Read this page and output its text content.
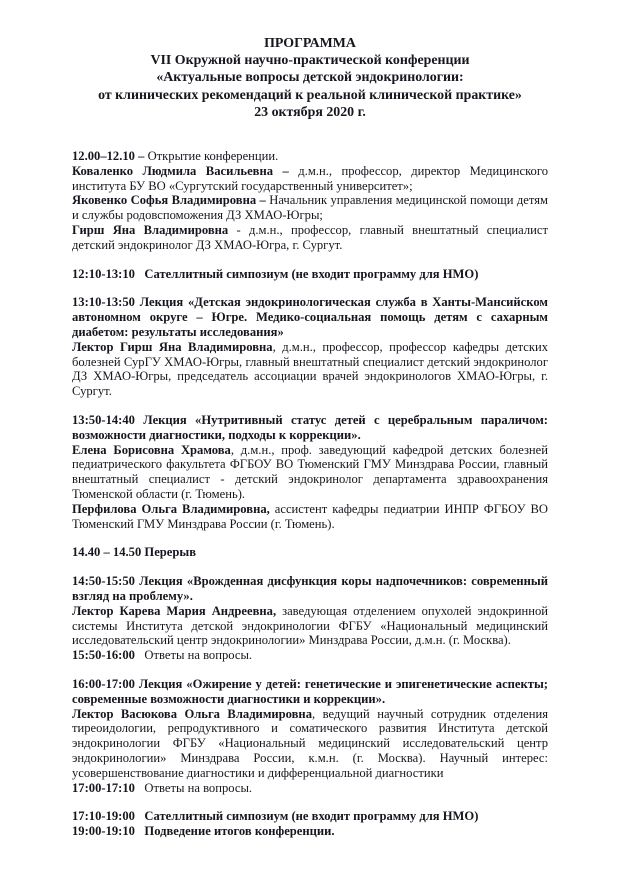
ПРОГРАММА
VII Окружной научно-практической конференции
«Актуальные вопросы детской эндокринологии:
от клинических рекомендаций к реальной клинической практике»
23 октября 2020 г.

12.00–12.10 – Открытие конференции.

Коваленко Людмила Васильевна – д.м.н., профессор, директор Медицинского института БУ ВО «Сургутский государственный университет»;

Яковенко Софья Владимировна – Начальник управления медицинской помощи детям и службы родовспоможения ДЗ ХМАО-Югры;

Гирш Яна Владимировна - д.м.н., профессор, главный внештатный специалист детский эндокринолог ДЗ ХМАО-Югра, г. Сургут.

12:10-13:10   Сателлитный симпозиум (не входит программу для НМО)

13:10-13:50 Лекция «Детская эндокринологическая служба в Ханты-Мансийском автономном округе – Югре. Медико-социальная помощь детям с сахарным диабетом: результаты исследования»

Лектор Гирш Яна Владимировна, д.м.н., профессор, профессор кафедры детских болезней СурГУ ХМАО-Югры, главный внештатный специалист детский эндокринолог ДЗ ХМАО-Югры, председатель ассоциации врачей эндокринологов ХМАО-Югры, г. Сургут.

13:50-14:40 Лекция «Нутритивный статус детей с церебральным параличом: возможности диагностики, подходы к коррекции».

Елена Борисовна Храмова, д.м.н., проф. заведующий кафедрой детских болезней педиатрического факультета ФГБОУ ВО Тюменский ГМУ Минздрава России, главный внештатный специалист - детский эндокринолог департамента здравоохранения Тюменской области (г. Тюмень).

Перфилова Ольга Владимировна, ассистент кафедры педиатрии ИНПР ФГБОУ ВО Тюменский ГМУ Минздрава России (г. Тюмень).

14.40 – 14.50 Перерыв

14:50-15:50 Лекция «Врожденная дисфункция коры надпочечников: современный взгляд на проблему».

Лектор Карева Мария Андреевна, заведующая отделением опухолей эндокринной системы Института детской эндокринологии ФГБУ «Национальный медицинский исследовательский центр эндокринологии» Минздрава России, д.м.н. (г. Москва).

15:50-16:00   Ответы на вопросы.

16:00-17:00 Лекция «Ожирение у детей: генетические и эпигенетические аспекты; современные возможности диагностики и коррекции».

Лектор Васюкова Ольга Владимировна, ведущий научный сотрудник отделения тиреоидологии, репродуктивного и соматического развития Института детской эндокринологии ФГБУ «Национальный медицинский исследовательский центр эндокринологии» Минздрава России, к.м.н. (г. Москва). Научный интерес: усовершенствование диагностики и дифференциальной диагностики

17:00-17:10   Ответы на вопросы.

17:10-19:00   Сателлитный симпозиум (не входит программу для НМО)

19:00-19:10   Подведение итогов конференции.
